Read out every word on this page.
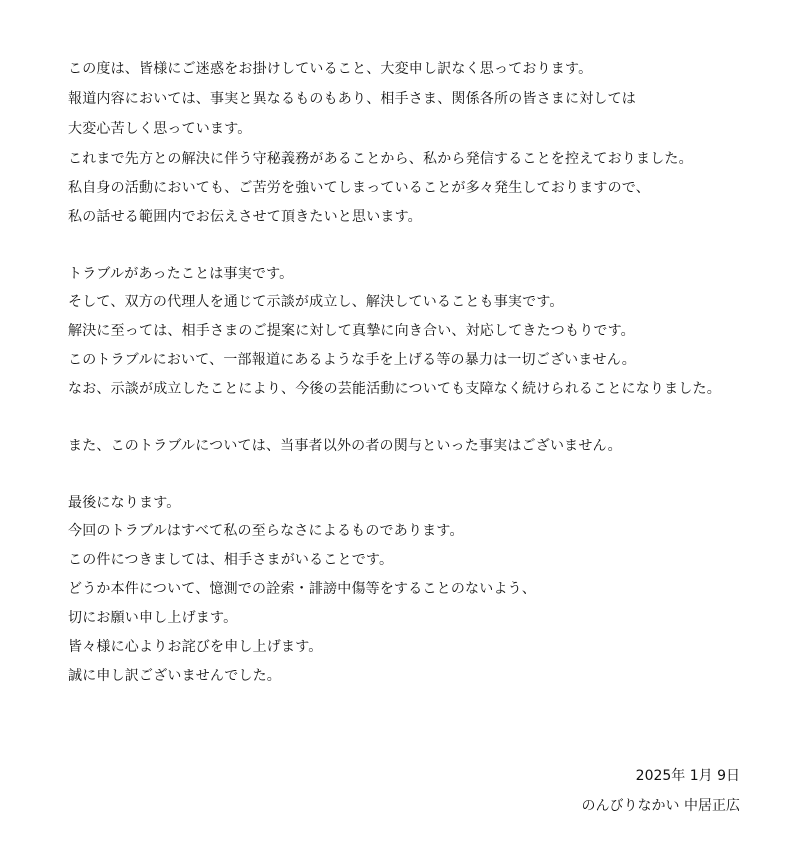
この度は、皆様にご迷惑をお掛けしていること、大変申し訳なく思っております。
報道内容においては、事実と異なるものもあり、相手さま、関係各所の皆さまに対しては
大変心苦しく思っています。
これまで先方との解決に伴う守秘義務があることから、私から発信することを控えておりました。
私自身の活動においても、ご苦労を強いてしまっていることが多々発生しておりますので、
私の話せる範囲内でお伝えさせて頂きたいと思います。
トラブルがあったことは事実です。
そして、双方の代理人を通じて示談が成立し、解決していることも事実です。
解決に至っては、相手さまのご提案に対して真摯に向き合い、対応してきたつもりです。
このトラブルにおいて、一部報道にあるような手を上げる等の暴力は一切ございません。
なお、示談が成立したことにより、今後の芸能活動についても支障なく続けられることになりました。
また、このトラブルについては、当事者以外の者の関与といった事実はございません。
最後になります。
今回のトラブルはすべて私の至らなさによるものであります。
この件につきましては、相手さまがいることです。
どうか本件について、憶測での詮索・誹謗中傷等をすることのないよう、
切にお願い申し上げます。
皆々様に心よりお詫びを申し上げます。
誠に申し訳ございませんでした。
2025年 1月 9日
のんびりなかい 中居正広
